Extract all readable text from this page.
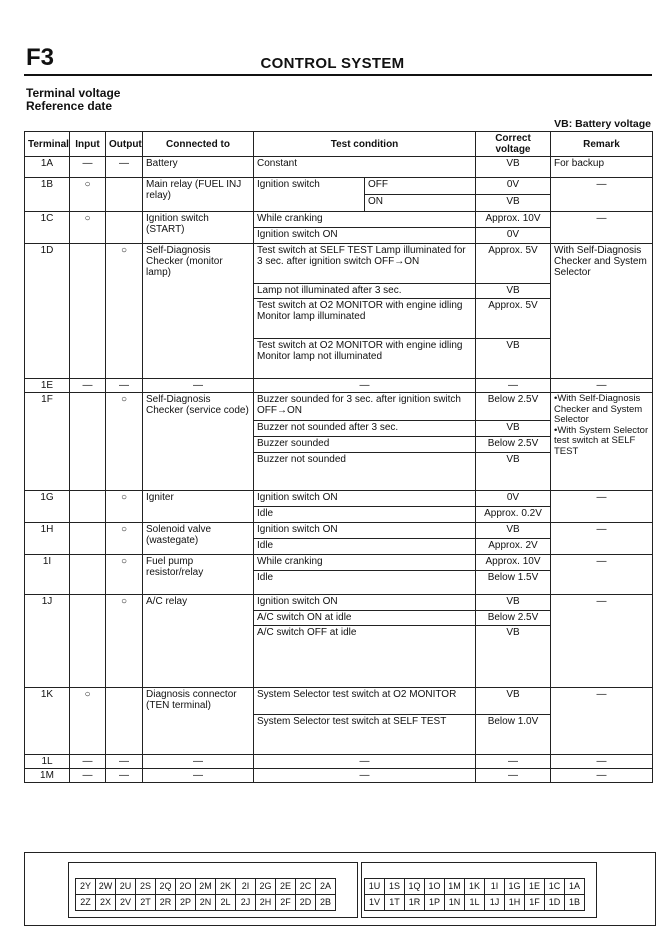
F3	CONTROL SYSTEM
Terminal voltage
Reference date
VB: Battery voltage
Terminal	Input	Output	Connected to	Test condition		Correct voltage	Remark
1A	—	—	Battery	Constant		VB	For backup
1B	○		Main relay (FUEL INJ relay)	Ignition switch	OFF	0V	—
					ON	VB	
1C	○		Ignition switch (START)	While cranking		Approx. 10V	—
				Ignition switch ON		0V	
1D		○	Self-Diagnosis Checker (monitor lamp)	Test switch at SELF TEST Lamp illuminated for 3 sec. after ignition switch OFF→ON		Approx. 5V	With Self-Diagnosis Checker and System Selector
				Lamp not illuminated after 3 sec.		VB	
				Test switch at O2 MONITOR with engine idling Monitor lamp illuminated		Approx. 5V	
				Test switch at O2 MONITOR with engine idling Monitor lamp not illuminated		VB	
1E	—	—	—	—		—	—
1F		○	Self-Diagnosis Checker (service code)	Buzzer sounded for 3 sec. after ignition switch OFF→ON		Below 2.5V	•With Self-Diagnosis Checker and System Selector
•With System Selector test switch at SELF TEST

				Buzzer not sounded after 3 sec.		VB	
				Buzzer sounded		Below 2.5V	
				Buzzer not sounded		VB	
1G		○	Igniter	Ignition switch ON		0V	—
				Idle		Approx. 0.2V	
1H		○	Solenoid valve (wastegate)	Ignition switch ON		VB	—
				Idle		Approx. 2V	
1I		○	Fuel pump resistor/relay	While cranking		Approx. 10V	—
				Idle		Below 1.5V	
1J		○	A/C relay	Ignition switch ON		VB	—
				A/C switch ON at idle		Below 2.5V	
				A/C switch OFF at idle		VB	
1K	○		Diagnosis connector (TEN terminal)	System Selector test switch at O2 MONITOR		VB	—
				System Selector test switch at SELF TEST		Below 1.0V	
1L	—	—	—	—		—	—
1M	—	—	—	—		—	—
2Y	2W	2U	2S	2Q	2O	2M	2K	2I	2G	2E	2C	2A
2Z	2X	2V	2T	2R	2P	2N	2L	2J	2H	2F	2D	2B
1U	1S	1Q	1O	1M	1K	1I	1G	1E	1C	1A
1V	1T	1R	1P	1N	1L	1J	1H	1F	1D	1B
